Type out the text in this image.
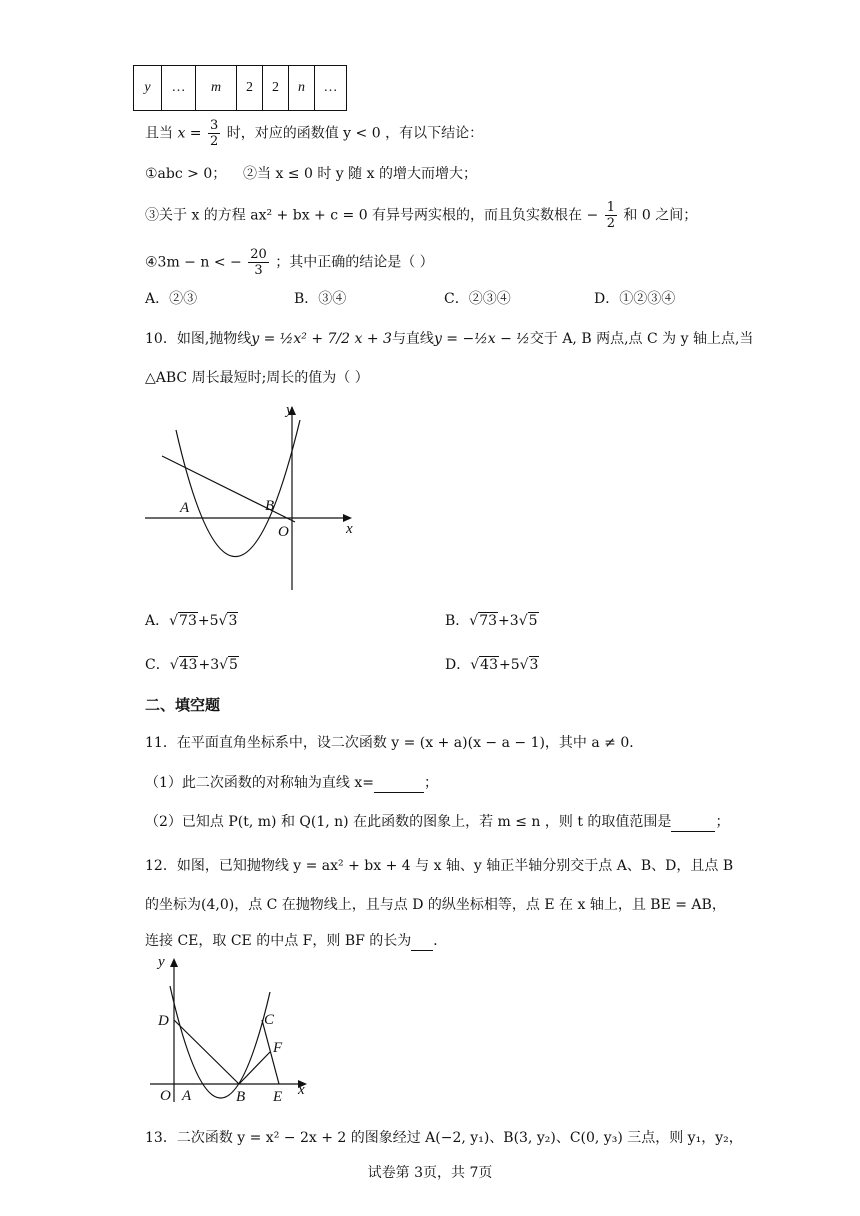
y	…	m	2	2	n	…
且当 $x = \frac{3}{2}$ 时，对应的函数值 y < 0 ，有以下结论：
①abc > 0； ②当 x ≤ 0 时 y 随 x 的增大而增大；
③关于 x 的方程 ax² + bx + c = 0 有异号两实根的，而且负实数根在 − $\frac{1}{2}$ 和 0 之间；
④3m − n < − $\frac{20}{3}$ ；其中正确的结论是（ ）
A．②③	B．③④	C．②③④	D．①②③④
10．如图,抛物线y = ½x² + 7/2 x + 3与直线y = −½x − ½交于 A, B 两点,点 C 为 y 轴上点,当
△ABC 周长最短时;周长的值为（ ）
y
x
A	B
O
A．√73+5√3	B．√73+3√5
C．√43+3√5	D．√43+5√3
二、填空题
11．在平面直角坐标系中，设二次函数 y = (x + a)(x − a − 1)，其中 a ≠ 0．
（1）此二次函数的对称轴为直线 x=	；
（2）已知点 P(t, m) 和 Q(1, n) 在此函数的图象上，若 m ≤ n ，则 t 的取值范围是	；
12．如图，已知抛物线 y = ax² + bx + 4 与 x 轴、y 轴正半轴分别交于点 A、B、D，且点 B
的坐标为(4,0)，点 C 在抛物线上，且与点 D 的纵坐标相等，点 E 在 x 轴上，且 BE = AB，
连接 CE，取 CE 的中点 F，则 BF 的长为 ．
y
x
D	C
F
O A	B E
13．二次函数 y = x² − 2x + 2 的图象经过 A(−2, y₁)、B(3, y₂)、C(0, y₃) 三点，则 y₁，y₂，
试卷第 3页，共 7页
